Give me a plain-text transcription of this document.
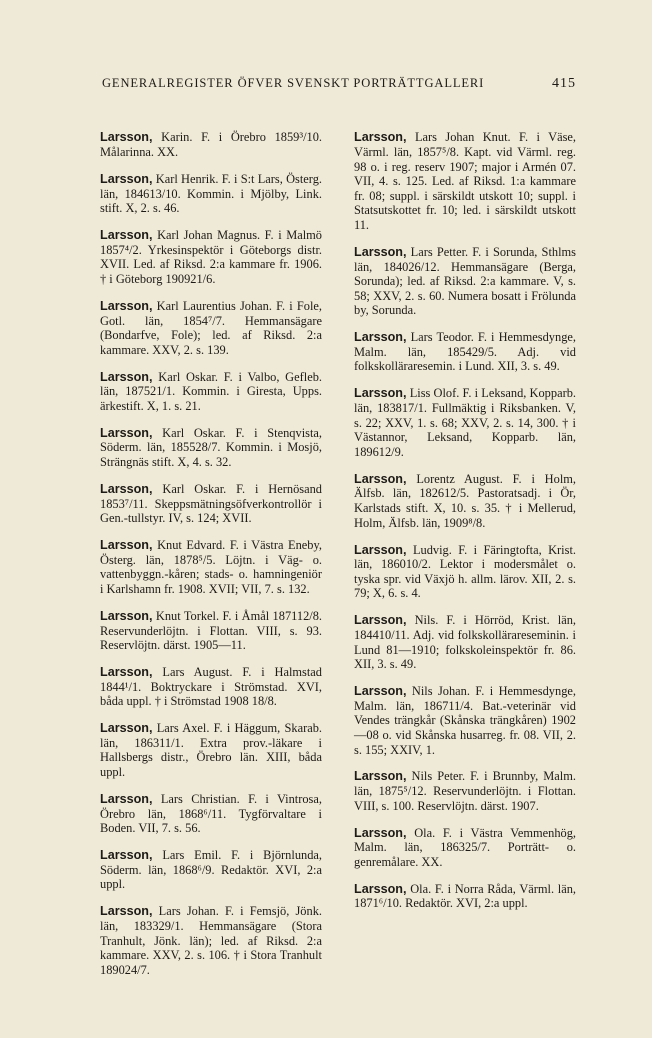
GENERALREGISTER ÖFVER SVENSKT PORTRÄTTGALLERI	415

Larsson, Karin. F. i Örebro 1859³/10. Målarinna. XX.

Larsson, Karl Henrik. F. i S:t Lars, Österg. län, 184613/10. Kommin. i Mjölby, Link. stift. X, 2. s. 46.

Larsson, Karl Johan Magnus. F. i Malmö 1857⁴/2. Yrkesinspektör i Göteborgs distr. XVII. Led. af Riksd. 2:a kammare fr. 1906. † i Göteborg 190921/6.

Larsson, Karl Laurentius Johan. F. i Fole, Gotl. län, 1854⁷/7. Hemmansägare (Bondarfve, Fole); led. af Riksd. 2:a kammare. XXV, 2. s. 139.

Larsson, Karl Oskar. F. i Valbo, Gefleb. län, 187521/1. Kommin. i Giresta, Upps. ärkestift. X, 1. s. 21.

Larsson, Karl Oskar. F. i Stenqvista, Söderm. län, 185528/7. Kommin. i Mosjö, Strängnäs stift. X, 4. s. 32.

Larsson, Karl Oskar. F. i Hernösand 1853⁷/11. Skeppsmätningsöfverkontrollör i Gen.-tullstyr. IV, s. 124; XVII.

Larsson, Knut Edvard. F. i Västra Eneby, Österg. län, 1878⁵/5. Löjtn. i Väg- o. vattenbyggn.-kåren; stads- o. hamningeniör i Karlshamn fr. 1908. XVII; VII, 7. s. 132.

Larsson, Knut Torkel. F. i Åmål 187112/8. Reservunderlöjtn. i Flottan. VIII, s. 93. Reservlöjtn. därst. 1905—11.

Larsson, Lars August. F. i Halmstad 1844¹/1. Boktryckare i Strömstad. XVI, båda uppl. † i Strömstad 1908 18/8.

Larsson, Lars Axel. F. i Häggum, Skarab. län, 186311/1. Extra prov.-läkare i Hallsbergs distr., Örebro län. XIII, båda uppl.

Larsson, Lars Christian. F. i Vintrosa, Örebro län, 1868⁶/11. Tygförvaltare i Boden. VII, 7. s. 56.

Larsson, Lars Emil. F. i Björnlunda, Söderm. län, 1868⁶/9. Redaktör. XVI, 2:a uppl.

Larsson, Lars Johan. F. i Femsjö, Jönk. län, 183329/1. Hemmansägare (Stora Tranhult, Jönk. län); led. af Riksd. 2:a kammare. XXV, 2. s. 106. † i Stora Tranhult 189024/7.

Larsson, Lars Johan Knut. F. i Väse, Värml. län, 1857⁵/8. Kapt. vid Värml. reg. 98 o. i reg. reserv 1907; major i Armén 07. VII, 4. s. 125. Led. af Riksd. 1:a kammare fr. 08; suppl. i särskildt utskott 10; suppl. i Statsutskottet fr. 10; led. i särskildt utskott 11.

Larsson, Lars Petter. F. i Sorunda, Sthlms län, 184026/12. Hemmansägare (Berga, Sorunda); led. af Riksd. 2:a kammare. V, s. 58; XXV, 2. s. 60. Numera bosatt i Frölunda by, Sorunda.

Larsson, Lars Teodor. F. i Hemmesdynge, Malm. län, 185429/5. Adj. vid folkskolläraresemin. i Lund. XII, 3. s. 49.

Larsson, Liss Olof. F. i Leksand, Kopparb. län, 183817/1. Fullmäktig i Riksbanken. V, s. 22; XXV, 1. s. 68; XXV, 2. s. 14, 300. † i Västannor, Leksand, Kopparb. län, 189612/9.

Larsson, Lorentz August. F. i Holm, Älfsb. län, 182612/5. Pastoratsadj. i Ör, Karlstads stift. X, 10. s. 35. † i Mellerud, Holm, Älfsb. län, 1909⁸/8.

Larsson, Ludvig. F. i Färingtofta, Krist. län, 186010/2. Lektor i modersmålet o. tyska spr. vid Växjö h. allm. lärov. XII, 2. s. 79; X, 6. s. 4.

Larsson, Nils. F. i Hörröd, Krist. län, 184410/11. Adj. vid folkskollärareseminin. i Lund 81—1910; folkskoleinspektör fr. 86. XII, 3. s. 49.

Larsson, Nils Johan. F. i Hemmesdynge, Malm. län, 186711/4. Bat.-veterinär vid Vendes trängkår (Skånska trängkåren) 1902—08 o. vid Skånska husarreg. fr. 08. VII, 2. s. 155; XXIV, 1.

Larsson, Nils Peter. F. i Brunnby, Malm. län, 1875⁵/12. Reservunderlöjtn. i Flottan. VIII, s. 100. Reservlöjtn. därst. 1907.

Larsson, Ola. F. i Västra Vemmenhög, Malm. län, 186325/7. Porträtt- o. genremålare. XX.

Larsson, Ola. F. i Norra Råda, Värml. län, 1871⁶/10. Redaktör. XVI, 2:a uppl.
